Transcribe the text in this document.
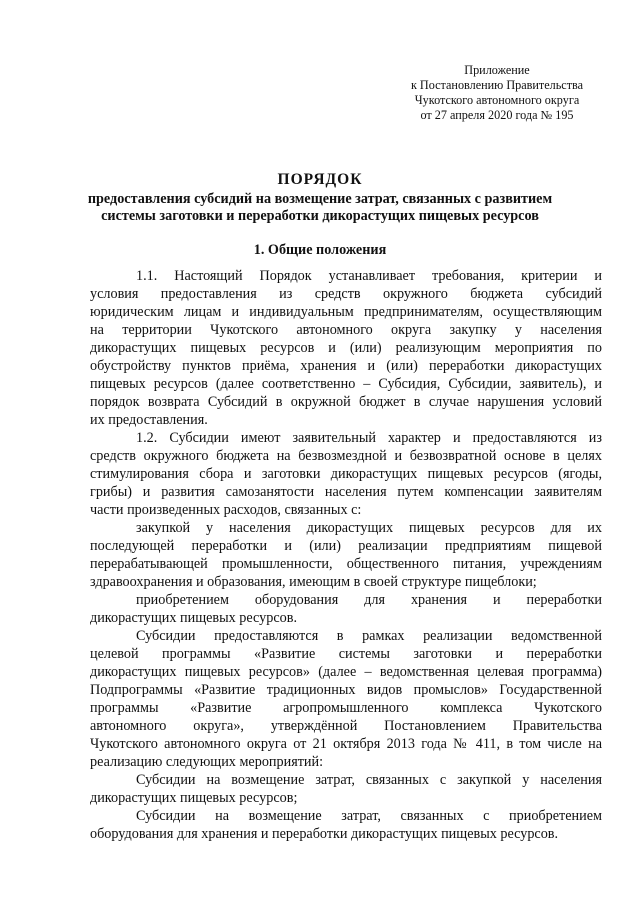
Приложение
к Постановлению Правительства
Чукотского автономного округа
от 27 апреля 2020 года № 195
ПОРЯДОК
предоставления субсидий на возмещение затрат, связанных с развитием
системы заготовки и переработки дикорастущих пищевых ресурсов
1. Общие положения
1.1. Настоящий Порядок устанавливает требования, критерии и
условия предоставления из средств окружного бюджета субсидий
юридическим лицам и индивидуальным предпринимателям, осуществляющим
на территории Чукотского автономного округа закупку у населения
дикорастущих пищевых ресурсов и (или) реализующим мероприятия по
обустройству пунктов приёма, хранения и (или) переработки дикорастущих
пищевых ресурсов (далее соответственно – Субсидия, Субсидии, заявитель), и
порядок возврата Субсидий в окружной бюджет в случае нарушения условий
их предоставления.
1.2. Субсидии имеют заявительный характер и предоставляются из
средств окружного бюджета на безвозмездной и безвозвратной основе в целях
стимулирования сбора и заготовки дикорастущих пищевых ресурсов (ягоды,
грибы) и развития самозанятости населения путем компенсации заявителям
части произведенных расходов, связанных с:
закупкой у населения дикорастущих пищевых ресурсов для их
последующей переработки и (или) реализации предприятиям пищевой
перерабатывающей промышленности, общественного питания, учреждениям
здравоохранения и образования, имеющим в своей структуре пищеблоки;
приобретением оборудования для хранения и переработки
дикорастущих пищевых ресурсов.
Субсидии предоставляются в рамках реализации ведомственной
целевой программы «Развитие системы заготовки и переработки
дикорастущих пищевых ресурсов» (далее – ведомственная целевая программа)
Подпрограммы «Развитие традиционных видов промыслов» Государственной
программы «Развитие агропромышленного комплекса Чукотского
автономного округа», утверждённой Постановлением Правительства
Чукотского автономного округа от 21 октября 2013 года № 411, в том числе на
реализацию следующих мероприятий:
Субсидии на возмещение затрат, связанных с закупкой у населения
дикорастущих пищевых ресурсов;
Субсидии на возмещение затрат, связанных с приобретением
оборудования для хранения и переработки дикорастущих пищевых ресурсов.
